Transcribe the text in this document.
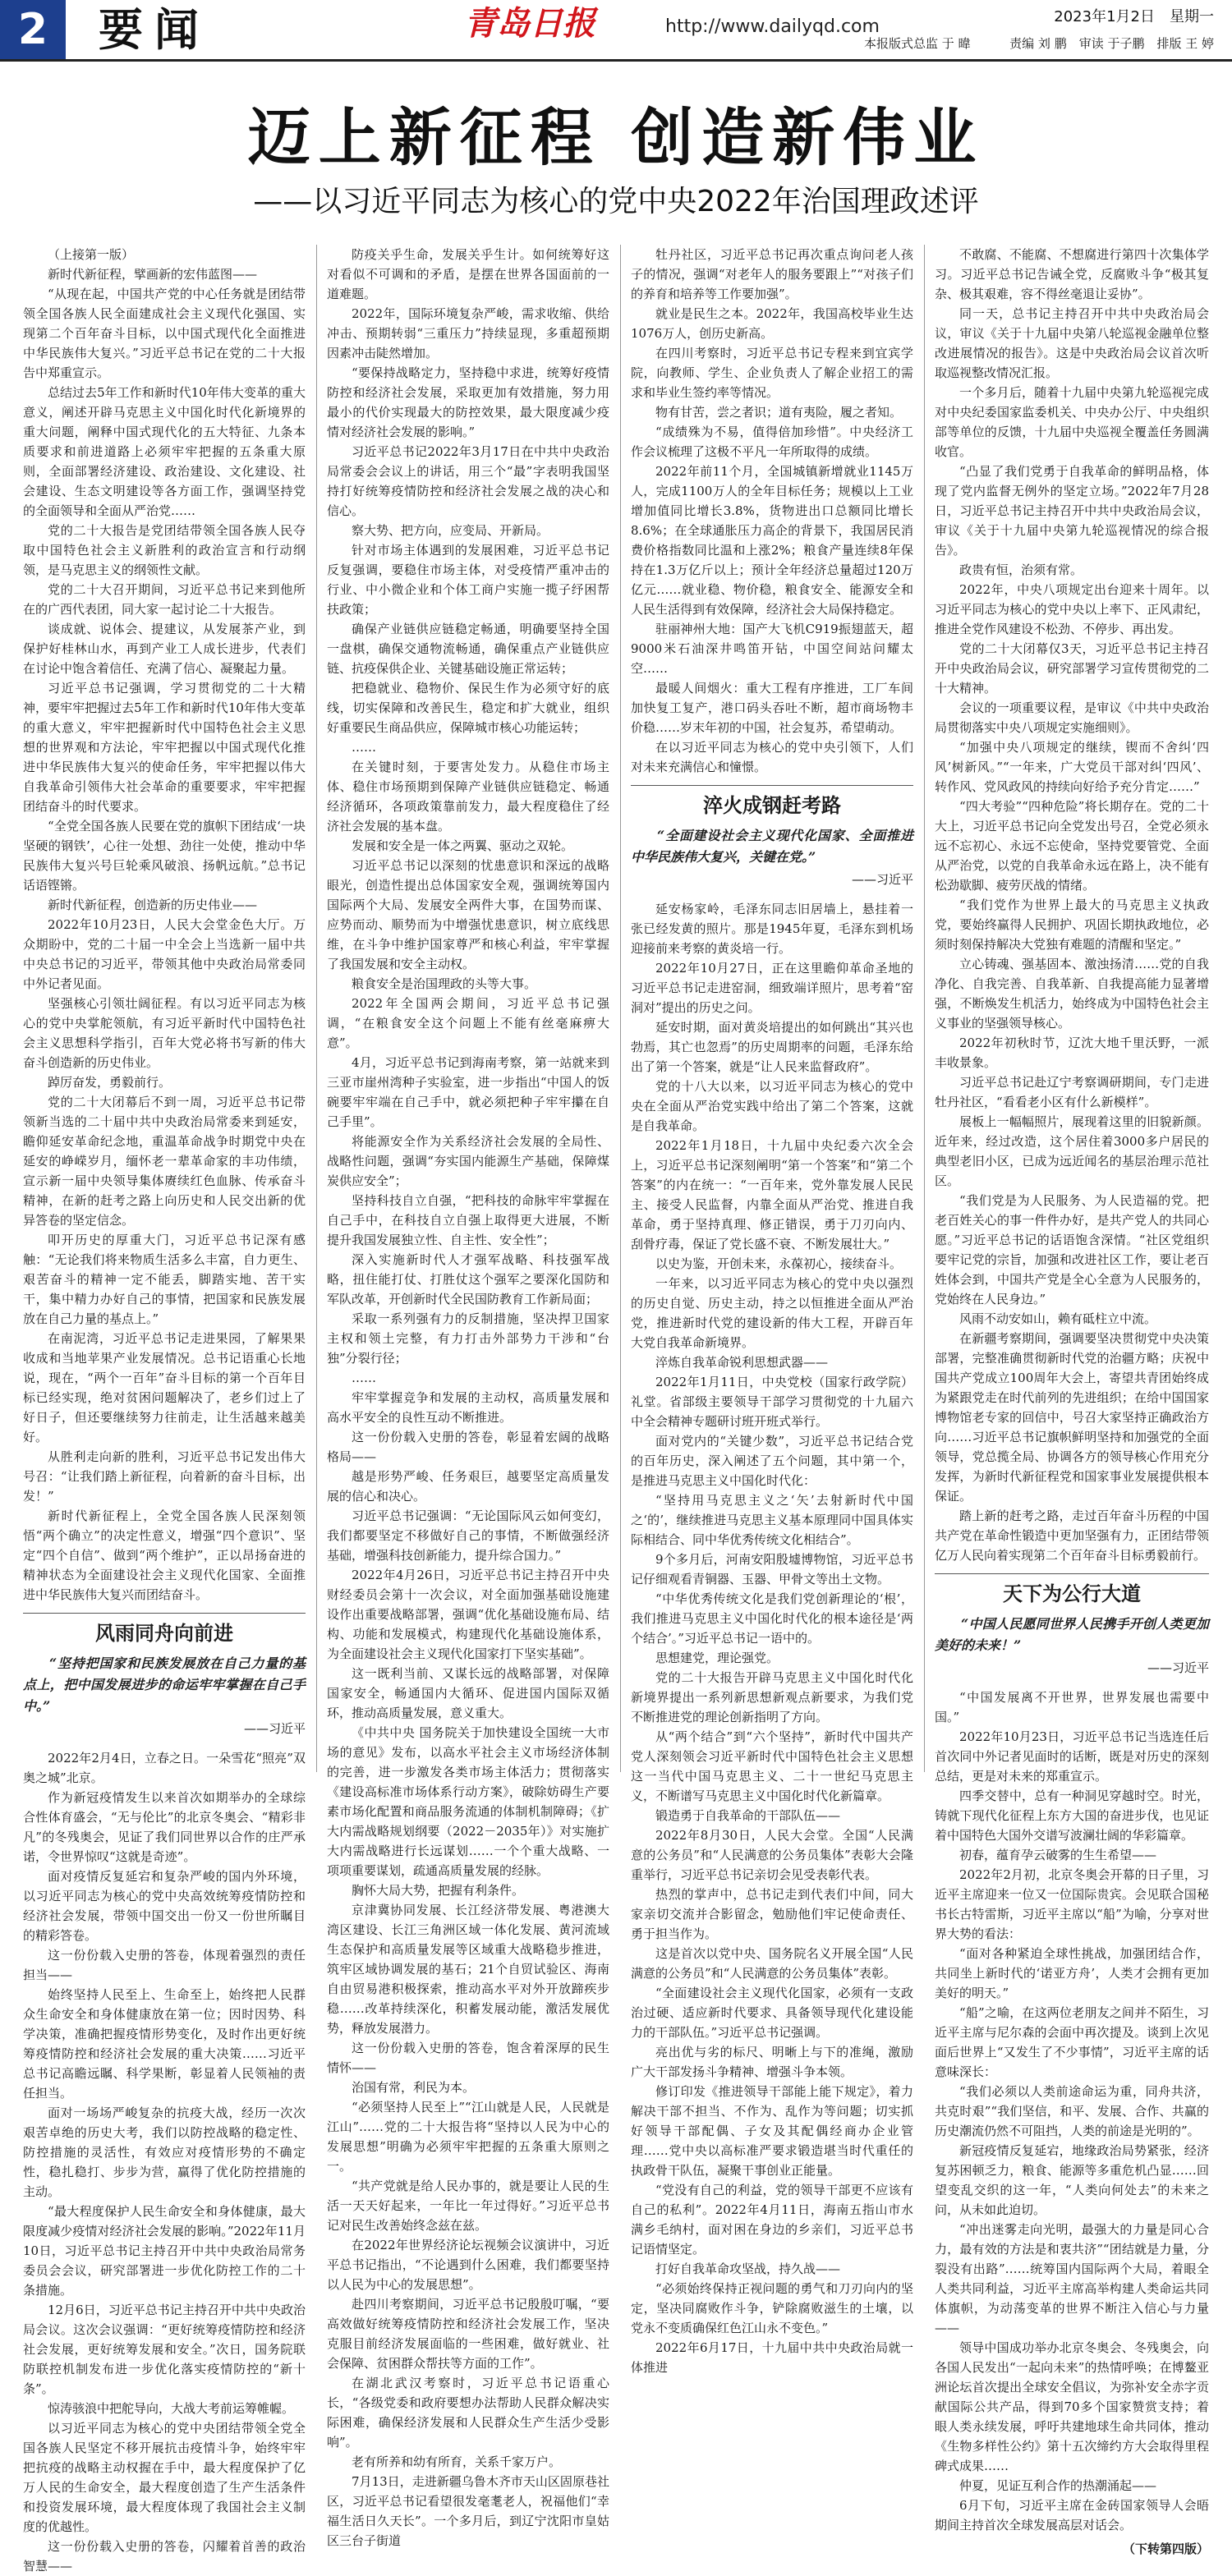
2	要闻	青岛日报	http://www.dailyqd.com	2023年1月2日　星期一
本报版式总监 于 暐	责编 刘 鹏　审读 于子鹏　排版 王 婷
迈上新征程 创造新伟业
——以习近平同志为核心的党中央2022年治国理政述评

（上接第一版）

新时代新征程，擘画新的宏伟蓝图——

“从现在起，中国共产党的中心任务就是团结带领全国各族人民全面建成社会主义现代化强国、实现第二个百年奋斗目标，以中国式现代化全面推进中华民族伟大复兴。”习近平总书记在党的二十大报告中郑重宣示。

总结过去5年工作和新时代10年伟大变革的重大意义，阐述开辟马克思主义中国化时代化新境界的重大问题，阐释中国式现代化的五大特征、九条本质要求和前进道路上必须牢牢把握的五条重大原则，全面部署经济建设、政治建设、文化建设、社会建设、生态文明建设等各方面工作，强调坚持党的全面领导和全面从严治党……

党的二十大报告是党团结带领全国各族人民夺取中国特色社会主义新胜利的政治宣言和行动纲领，是马克思主义的纲领性文献。

党的二十大召开期间，习近平总书记来到他所在的广西代表团，同大家一起讨论二十大报告。

谈成就、说体会、提建议，从发展茶产业，到保护好桂林山水，再到产业工人成长进步，代表们在讨论中饱含着信任、充满了信心、凝聚起力量。

习近平总书记强调，学习贯彻党的二十大精神，要牢牢把握过去5年工作和新时代10年伟大变革的重大意义，牢牢把握新时代中国特色社会主义思想的世界观和方法论，牢牢把握以中国式现代化推进中华民族伟大复兴的使命任务，牢牢把握以伟大自我革命引领伟大社会革命的重要要求，牢牢把握团结奋斗的时代要求。

“全党全国各族人民要在党的旗帜下团结成‘一块坚硬的钢铁’，心往一处想、劲往一处使，推动中华民族伟大复兴号巨轮乘风破浪、扬帆远航。”总书记话语铿锵。

新时代新征程，创造新的历史伟业——

2022年10月23日，人民大会堂金色大厅。万众期盼中，党的二十届一中全会上当选新一届中共中央总书记的习近平，带领其他中央政治局常委同中外记者见面。

坚强核心引领壮阔征程。有以习近平同志为核心的党中央掌舵领航，有习近平新时代中国特色社会主义思想科学指引，百年大党必将书写新的伟大奋斗创造新的历史伟业。

踔厉奋发，勇毅前行。

党的二十大闭幕后不到一周，习近平总书记带领新当选的二十届中共中央政治局常委来到延安，瞻仰延安革命纪念地，重温革命战争时期党中央在延安的峥嵘岁月，缅怀老一辈革命家的丰功伟绩，宣示新一届中央领导集体赓续红色血脉、传承奋斗精神，在新的赶考之路上向历史和人民交出新的优异答卷的坚定信念。

叩开历史的厚重大门，习近平总书记深有感触：“无论我们将来物质生活多么丰富，自力更生、艰苦奋斗的精神一定不能丢，脚踏实地、苦干实干，集中精力办好自己的事情，把国家和民族发展放在自己力量的基点上。”

在南泥湾，习近平总书记走进果园，了解果果收成和当地苹果产业发展情况。总书记语重心长地说，现在，“两个一百年”奋斗目标的第一个百年目标已经实现，绝对贫困问题解决了，老乡们过上了好日子，但还要继续努力往前走，让生活越来越美好。

从胜利走向新的胜利，习近平总书记发出伟大号召：“让我们踏上新征程，向着新的奋斗目标，出发！”

新时代新征程上，全党全国各族人民深刻领悟“两个确立”的决定性意义，增强“四个意识”、坚定“四个自信”、做到“两个维护”，正以昂扬奋进的精神状态为全面建设社会主义现代化国家、全面推进中华民族伟大复兴而团结奋斗。

风雨同舟向前进

“坚持把国家和民族发展放在自己力量的基点上，把中国发展进步的命运牢牢掌握在自己手中。”

——习近平

2022年2月4日，立春之日。一朵雪花“照亮”双奥之城”北京。

作为新冠疫情发生以来首次如期举办的全球综合性体育盛会，“无与伦比”的北京冬奥会、“精彩非凡”的冬残奥会，见证了我们同世界以合作的庄严承诺，令世界惊叹“这就是奇迹”。

面对疫情反复延宕和复杂严峻的国内外环境，以习近平同志为核心的党中央高效统筹疫情防控和经济社会发展，带领中国交出一份又一份世所瞩目的精彩答卷。

这一份份载入史册的答卷，体现着强烈的责任担当——

始终坚持人民至上、生命至上，始终把人民群众生命安全和身体健康放在第一位；因时因势、科学决策，准确把握疫情形势变化，及时作出更好统筹疫情防控和经济社会发展的重大决策……习近平总书记高瞻远瞩、科学果断，彰显着人民领袖的责任担当。

面对一场场严峻复杂的抗疫大战，经历一次次艰苦卓绝的历史大考，我们以防控战略的稳定性、防控措施的灵活性，有效应对疫情形势的不确定性，稳扎稳打、步步为营，赢得了优化防控措施的主动。

“最大程度保护人民生命安全和身体健康，最大限度减少疫情对经济社会发展的影响。”2022年11月10日，习近平总书记主持召开中共中央政治局常务委员会会议，研究部署进一步优化防控工作的二十条措施。

12月6日，习近平总书记主持召开中共中央政治局会议。这次会议强调：“更好统筹疫情防控和经济社会发展，更好统筹发展和安全。”次日，国务院联防联控机制发布进一步优化落实疫情防控的“新十条”。

惊涛骇浪中把舵导向，大战大考前运筹帷幄。

以习近平同志为核心的党中央团结带领全党全国各族人民坚定不移开展抗击疫情斗争，始终牢牢把抗疫的战略主动权握在手中，最大程度保护了亿万人民的生命安全，最大程度创造了生产生活条件和投资发展环境，最大程度体现了我国社会主义制度的优越性。

这一份份载入史册的答卷，闪耀着首善的政治智慧——

防疫关乎生命，发展关乎生计。如何统筹好这对看似不可调和的矛盾，是摆在世界各国面前的一道难题。

2022年，国际环境复杂严峻，需求收缩、供给冲击、预期转弱“三重压力”持续显现，多重超预期因素冲击陡然增加。

“要保持战略定力，坚持稳中求进，统筹好疫情防控和经济社会发展，采取更加有效措施，努力用最小的代价实现最大的防控效果，最大限度减少疫情对经济社会发展的影响。”

习近平总书记2022年3月17日在中共中央政治局常委会会议上的讲话，用三个“最”字表明我国坚持打好统筹疫情防控和经济社会发展之战的决心和信心。

察大势、把方向，应变局、开新局。

针对市场主体遇到的发展困难，习近平总书记反复强调，要稳住市场主体，对受疫情严重冲击的行业、中小微企业和个体工商户实施一揽子纾困帮扶政策；

确保产业链供应链稳定畅通，明确要坚持全国一盘棋，确保交通物流畅通，确保重点产业链供应链、抗疫保供企业、关键基础设施正常运转；

把稳就业、稳物价、保民生作为必须守好的底线，切实保障和改善民生，稳定和扩大就业，组织好重要民生商品供应，保障城市核心功能运转；

……

在关键时刻，于要害处发力。从稳住市场主体、稳住市场预期到保障产业链供应链稳定、畅通经济循环，各项政策靠前发力，最大程度稳住了经济社会发展的基本盘。

发展和安全是一体之两翼、驱动之双轮。

习近平总书记以深刻的忧患意识和深远的战略眼光，创造性提出总体国家安全观，强调统筹国内国际两个大局、发展安全两件大事，在国势而谋、应势而动、顺势而为中增强忧患意识，树立底线思维，在斗争中维护国家尊严和核心利益，牢牢掌握了我国发展和安全主动权。

粮食安全是治国理政的头等大事。

2022年全国两会期间，习近平总书记强调，“在粮食安全这个问题上不能有丝毫麻痹大意”。

4月，习近平总书记到海南考察，第一站就来到三亚市崖州湾种子实验室，进一步指出“中国人的饭碗要牢牢端在自己手中，就必须把种子牢牢攥在自己手里”。

将能源安全作为关系经济社会发展的全局性、战略性问题，强调“夯实国内能源生产基础，保障煤炭供应安全”；

坚持科技自立自强，“把科技的命脉牢牢掌握在自己手中，在科技自立自强上取得更大进展，不断提升我国发展独立性、自主性、安全性”；

深入实施新时代人才强军战略、科技强军战略，扭住能打仗、打胜仗这个强军之要深化国防和军队改革，开创新时代全民国防教育工作新局面；

采取一系列强有力的反制措施，坚决捍卫国家主权和领土完整，有力打击外部势力干涉和“台独”分裂行径；

……

牢牢掌握竞争和发展的主动权，高质量发展和高水平安全的良性互动不断推进。

这一份份载入史册的答卷，彰显着宏阔的战略格局——

越是形势严峻、任务艰巨，越要坚定高质量发展的信心和决心。

习近平总书记强调：“无论国际风云如何变幻，我们都要坚定不移做好自己的事情，不断做强经济基础，增强科技创新能力，提升综合国力。”

2022年4月26日，习近平总书记主持召开中央财经委员会第十一次会议，对全面加强基础设施建设作出重要战略部署，强调“优化基础设施布局、结构、功能和发展模式，构建现代化基础设施体系，为全面建设社会主义现代化国家打下坚实基础”。

这一既利当前、又谋长远的战略部署，对保障国家安全，畅通国内大循环、促进国内国际双循环，推动高质量发展，意义重大。

《中共中央 国务院关于加快建设全国统一大市场的意见》发布，以高水平社会主义市场经济体制的完善，进一步激发各类市场主体活力；贯彻落实《建设高标准市场体系行动方案》，破除妨碍生产要素市场化配置和商品服务流通的体制机制障碍；《扩大内需战略规划纲要（2022－2035年）》对实施扩大内需战略进行长远谋划……一个个重大战略、一项项重要谋划，疏通高质量发展的经脉。

胸怀大局大势，把握有利条件。

京津冀协同发展、长江经济带发展、粤港澳大湾区建设、长江三角洲区域一体化发展、黄河流域生态保护和高质量发展等区域重大战略稳步推进，筑牢区域协调发展的基石；21个自贸试验区、海南自由贸易港积极探索，推动高水平对外开放蹄疾步稳……改革持续深化，积蓄发展动能，激活发展优势，释放发展潜力。

这一份份载入史册的答卷，饱含着深厚的民生情怀——

治国有常，利民为本。

“必须坚持人民至上”“江山就是人民，人民就是江山”……党的二十大报告将“坚持以人民为中心的发展思想”明确为必须牢牢把握的五条重大原则之一。

“共产党就是给人民办事的，就是要让人民的生活一天天好起来，一年比一年过得好。”习近平总书记对民生改善始终念兹在兹。

在2022年世界经济论坛视频会议演讲中，习近平总书记指出，“不论遇到什么困难，我们都要坚持以人民为中心的发展思想”。

赴四川考察期间，习近平总书记殷殷叮嘱，“要高效做好统筹疫情防控和经济社会发展工作，坚决克服目前经济发展面临的一些困难，做好就业、社会保障、贫困群众帮扶等方面的工作”。

在湖北武汉考察时，习近平总书记语重心长，“各级党委和政府要想办法帮助人民群众解决实际困难，确保经济发展和人民群众生产生活少受影响”。

老有所养和幼有所育，关系千家万户。

7月13日，走进新疆乌鲁木齐市天山区固原巷社区，习近平总书记看望很发毫耄老人，祝福他们“幸福生活日久天长”。一个多月后，到辽宁沈阳市皇姑区三台子街道

牡丹社区，习近平总书记再次重点询问老人孩子的情况，强调“对老年人的服务要跟上”“对孩子们的养育和培养等工作要加强”。

就业是民生之本。2022年，我国高校毕业生达1076万人，创历史新高。

在四川考察时，习近平总书记专程来到宜宾学院，向教师、学生、企业负责人了解企业招工的需求和毕业生签约率等情况。

物有甘苦，尝之者识；道有夷险，履之者知。

“成绩殊为不易，值得倍加珍惜”。中央经济工作会议梳理了这极不平凡一年所取得的成绩。

2022年前11个月，全国城镇新增就业1145万人，完成1100万人的全年目标任务；规模以上工业增加值同比增长3.8%，货物进出口总额同比增长8.6%；在全球通胀压力高企的背景下，我国居民消费价格指数同比温和上涨2%；粮食产量连续8年保持在1.3万亿斤以上；预计全年经济总量超过120万亿元……就业稳、物价稳，粮食安全、能源安全和人民生活得到有效保障，经济社会大局保持稳定。

驻丽神州大地：国产大飞机C919振翅蓝天，超9000米石油深井鸣笛开钻，中国空间站问耀太空……

最暖人间烟火：重大工程有序推进，工厂车间加快复工复产，港口码头吞吐不断，超市商场物丰价稳……岁末年初的中国，社会复苏，希望萌动。

在以习近平同志为核心的党中央引领下，人们对未来充满信心和憧憬。

淬火成钢赶考路

“全面建设社会主义现代化国家、全面推进中华民族伟大复兴，关键在党。”

——习近平

延安杨家岭，毛泽东同志旧居墙上，悬挂着一张已经发黄的照片。那是1945年夏，毛泽东到机场迎接前来考察的黄炎培一行。

2022年10月27日，正在这里瞻仰革命圣地的习近平总书记走进窑洞，细致端详照片，思考着“窑洞对”提出的历史之问。

延安时期，面对黄炎培提出的如何跳出“其兴也勃焉，其亡也忽焉”的历史周期率的问题，毛泽东给出了第一个答案，就是“让人民来监督政府”。

党的十八大以来，以习近平同志为核心的党中央在全面从严治党实践中给出了第二个答案，这就是自我革命。

2022年1月18日，十九届中央纪委六次全会上，习近平总书记深刻阐明“第一个答案”和“第二个答案”的内在统一：“一百年来，党外靠发展人民民主、接受人民监督，内靠全面从严治党、推进自我革命，勇于坚持真理、修正错误，勇于刀刃向内、刮骨疗毒，保证了党长盛不衰、不断发展壮大。”

以史为鉴，开创未来，永葆初心，接续奋斗。

一年来，以习近平同志为核心的党中央以强烈的历史自觉、历史主动，持之以恒推进全面从严治党，推进新时代党的建设新的伟大工程，开辟百年大党自我革命新境界。

淬炼自我革命锐利思想武器——

2022年1月11日，中央党校（国家行政学院）礼堂。省部级主要领导干部学习贯彻党的十九届六中全会精神专题研讨班开班式举行。

面对党内的“关键少数”，习近平总书记结合党的百年历史，深入阐述了五个问题，其中第一个，是推进马克思主义中国化时代化：

“坚持用马克思主义之‘矢’去射新时代中国之‘的’，继续推进马克思主义基本原理同中国具体实际相结合、同中华优秀传统文化相结合”。

9个多月后，河南安阳殷墟博物馆，习近平总书记仔细观看青铜器、玉器、甲骨文等出土文物。

“中华优秀传统文化是我们党创新理论的‘根’，我们推进马克思主义中国化时代化的根本途径是‘两个结合’。”习近平总书记一语中的。

思想建党，理论强党。

党的二十大报告开辟马克思主义中国化时代化新境界提出一系列新思想新观点新要求，为我们党不断推进党的理论创新指明了方向。

从“两个结合”到“六个坚持”，新时代中国共产党人深刻领会习近平新时代中国特色社会主义思想这一当代中国马克思主义、二十一世纪马克思主义，不断谱写马克思主义中国化时代化新篇章。

锻造勇于自我革命的干部队伍——

2022年8月30日，人民大会堂。全国“人民满意的公务员”和“人民满意的公务员集体”表彰大会隆重举行，习近平总书记亲切会见受表彰代表。

热烈的掌声中，总书记走到代表们中间，同大家亲切交流并合影留念，勉励他们牢记使命责任、勇于担当作为。

这是首次以党中央、国务院名义开展全国“人民满意的公务员”和“人民满意的公务员集体”表彰。

“全面建设社会主义现代化国家，必须有一支政治过硬、适应新时代要求、具备领导现代化建设能力的干部队伍。”习近平总书记强调。

亮出优与劣的标尺、明晰上与下的准绳，激励广大干部发扬斗争精神、增强斗争本领。

修订印发《推进领导干部能上能下规定》，着力解决干部不担当、不作为、乱作为等问题；切实抓好领导干部配偶、子女及其配偶经商办企业管理……党中央以高标准严要求锻造堪当时代重任的执政骨干队伍，凝聚干事创业正能量。

“党没有自己的利益，党的领导干部更不应该有自己的私利”。2022年4月11日，海南五指山市水满乡毛纳村，面对困在身边的乡亲们，习近平总书记语情坚定。

打好自我革命攻坚战，持久战——

“必须始终保持正视问题的勇气和刀刃向内的坚定，坚决同腐败作斗争，铲除腐败滋生的土壤，以党永不变质确保红色江山永不变色。”

2022年6月17日，十九届中共中央政治局就一体推进

不敢腐、不能腐、不想腐进行第四十次集体学习。习近平总书记告诫全党，反腐败斗争“极其复杂、极其艰难，容不得丝毫退让妥协”。

同一天，总书记主持召开中共中央政治局会议，审议《关于十九届中央第八轮巡视金融单位整改进展情况的报告》。这是中央政治局会议首次听取巡视整改情况汇报。

一个多月后，随着十九届中央第九轮巡视完成对中央纪委国家监委机关、中央办公厅、中央组织部等单位的反馈，十九届中央巡视全覆盖任务圆满收官。

“凸显了我们党勇于自我革命的鲜明品格，体现了党内监督无例外的坚定立场。”2022年7月28日，习近平总书记主持召开中共中央政治局会议，审议《关于十九届中央第九轮巡视情况的综合报告》。

政贵有恒，治须有常。

2022年，中央八项规定出台迎来十周年。以习近平同志为核心的党中央以上率下、正风肃纪，推进全党作风建设不松劲、不停步、再出发。

党的二十大闭幕仅3天，习近平总书记主持召开中央政治局会议，研究部署学习宣传贯彻党的二十大精神。

会议的一项重要议程，是审议《中共中央政治局贯彻落实中央八项规定实施细则》。

“加强中央八项规定的继续，锲而不舍纠‘四风’树新风。”“一年来，广大党员干部对纠‘四风’、转作风、党风政风的持续向好给予充分肯定……”

“四大考验”“四种危险”将长期存在。党的二十大上，习近平总书记向全党发出号召，全党必须永远不忘初心、永远不忘使命，坚持党要管党、全面从严治党，以党的自我革命永远在路上，决不能有松劲歇脚、疲劳厌战的情绪。

“我们党作为世界上最大的马克思主义执政党，要始终赢得人民拥护、巩固长期执政地位，必须时刻保持解决大党独有难题的清醒和坚定。”

立心铸魂、强基固本、激浊扬清……党的自我净化、自我完善、自我革新、自我提高能力显著增强，不断焕发生机活力，始终成为中国特色社会主义事业的坚强领导核心。

2022年初秋时节，辽沈大地千里沃野，一派丰收景象。

习近平总书记赴辽宁考察调研期间，专门走进牡丹社区，“看看老小区有什么新模样”。

展板上一幅幅照片，展现着这里的旧貌新颜。近年来，经过改造，这个居住着3000多户居民的典型老旧小区，已成为远近闻名的基层治理示范社区。

“我们党是为人民服务、为人民造福的党。把老百姓关心的事一件件办好，是共产党人的共同心愿。”习近平总书记的话语饱含深情。“社区党组织要牢记党的宗旨，加强和改进社区工作，要让老百姓体会到，中国共产党是全心全意为人民服务的，党始终在人民身边。”

风雨不动安如山，赖有砥柱立中流。

在新疆考察期间，强调要坚决贯彻党中央决策部署，完整准确贯彻新时代党的治疆方略；庆祝中国共产党成立100周年大会上，寄望共青团始终成为紧跟党走在时代前列的先进组织；在给中国国家博物馆老专家的回信中，号召大家坚持正确政治方向……习近平总书记旗帜鲜明坚持和加强党的全面领导，党总揽全局、协调各方的领导核心作用充分发挥，为新时代新征程党和国家事业发展提供根本保证。

踏上新的赶考之路，走过百年奋斗历程的中国共产党在革命性锻造中更加坚强有力，正团结带领亿万人民向着实现第二个百年奋斗目标勇毅前行。

天下为公行大道

“中国人民愿同世界人民携手开创人类更加美好的未来！”

——习近平

“中国发展离不开世界，世界发展也需要中国。”

2022年10月23日，习近平总书记当选连任后首次同中外记者见面时的话断，既是对历史的深刻总结，更是对未来的郑重宣示。

四季交替中，总有一种洞见穿越时空。时光，铸就下现代化征程上东方大国的奋进步伐，也见证着中国特色大国外交谱写波澜壮阔的华彩篇章。

初春，蕴育孕云破雾的生生希望——

2022年2月初，北京冬奥会开幕的日子里，习近平主席迎来一位又一位国际贵宾。会见联合国秘书长古特雷斯，习近平主席以“船”为喻，分享对世界大势的看法：

“面对各种紧迫全球性挑战，加强团结合作，共同坐上新时代的‘诺亚方舟’，人类才会拥有更加美好的明天。”

“船”之喻，在这两位老朋友之间并不陌生，习近平主席与尼尔森的会面中再次提及。谈到上次见面后世界上“又发生了不少事情”，习近平主席的话意味深长：

“我们必须以人类前途命运为重，同舟共济，共克时艰”“我们坚信，和平、发展、合作、共赢的历史潮流仍然不可阻挡，人类的前途是光明的”。

新冠疫情反复延宕，地缘政治局势紧张，经济复苏困顿乏力，粮食、能源等多重危机凸显……回望变乱交织的这一年，“人类向何处去”的未来之问，从未如此迫切。

“冲出迷雾走向光明，最强大的力量是同心合力，最有效的方法是和衷共济”“团结就是力量，分裂没有出路”……统筹国内国际两个大局，着眼全人类共同利益，习近平主席高举构建人类命运共同体旗帜，为动荡变革的世界不断注入信心与力量——

领导中国成功举办北京冬奥会、冬残奥会，向各国人民发出“一起向未来”的热情呼唤；在博鳌亚洲论坛首次提出全球安全倡议，为弥补安全赤字贡献国际公共产品，得到70多个国家赞赏支持；着眼人类永续发展，呼吁共建地球生命共同体，推动《生物多样性公约》第十五次缔约方大会取得里程碑式成果……

仲夏，见证互利合作的热潮涌起——

6月下旬，习近平主席在金砖国家领导人会晤期间主持首次全球发展高层对话会。

（下转第四版）
